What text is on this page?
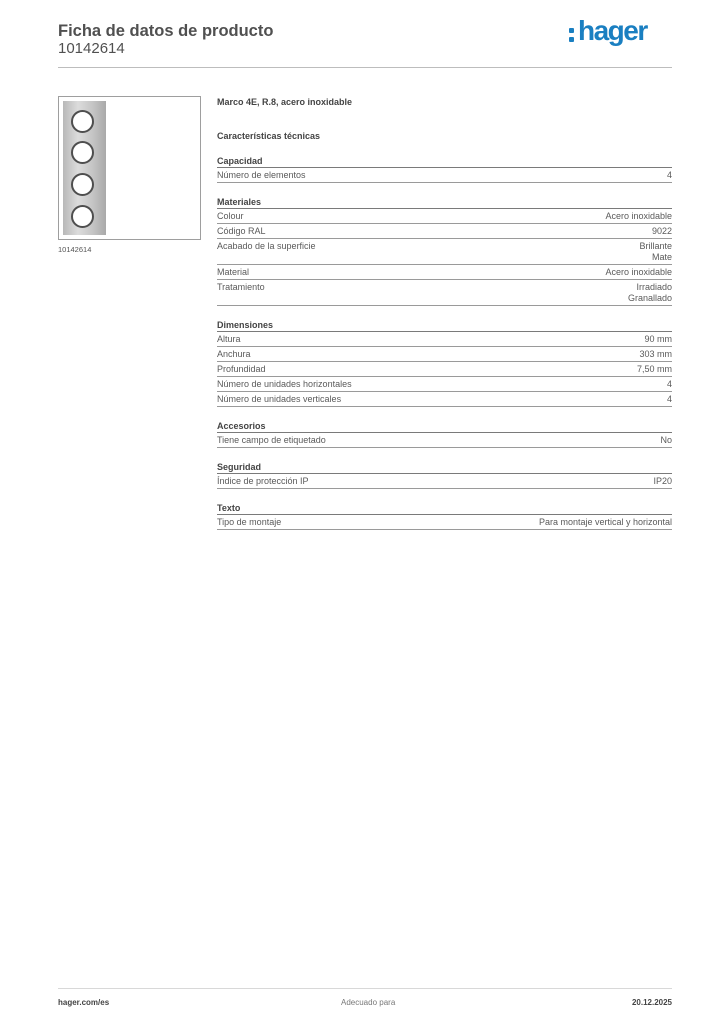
Ficha de datos de producto
10142614
hager
10142614
Marco 4E, R.8, acero inoxidable
Características técnicas
Capacidad
Número de elementos	4
Materiales
Colour	Acero inoxidable
Código RAL	9022
Acabado de la superficie	Brillante
Mate
Material	Acero inoxidable
Tratamiento	Irradiado
Granallado
Dimensiones
Altura	90 mm
Anchura	303 mm
Profundidad	7,50 mm
Número de unidades horizontales	4
Número de unidades verticales	4
Accesorios
Tiene campo de etiquetado	No
Seguridad
Índice de protección IP	IP20
Texto
Tipo de montaje	Para montaje vertical y horizontal
hager.com/es	Adecuado para	20.12.2025
